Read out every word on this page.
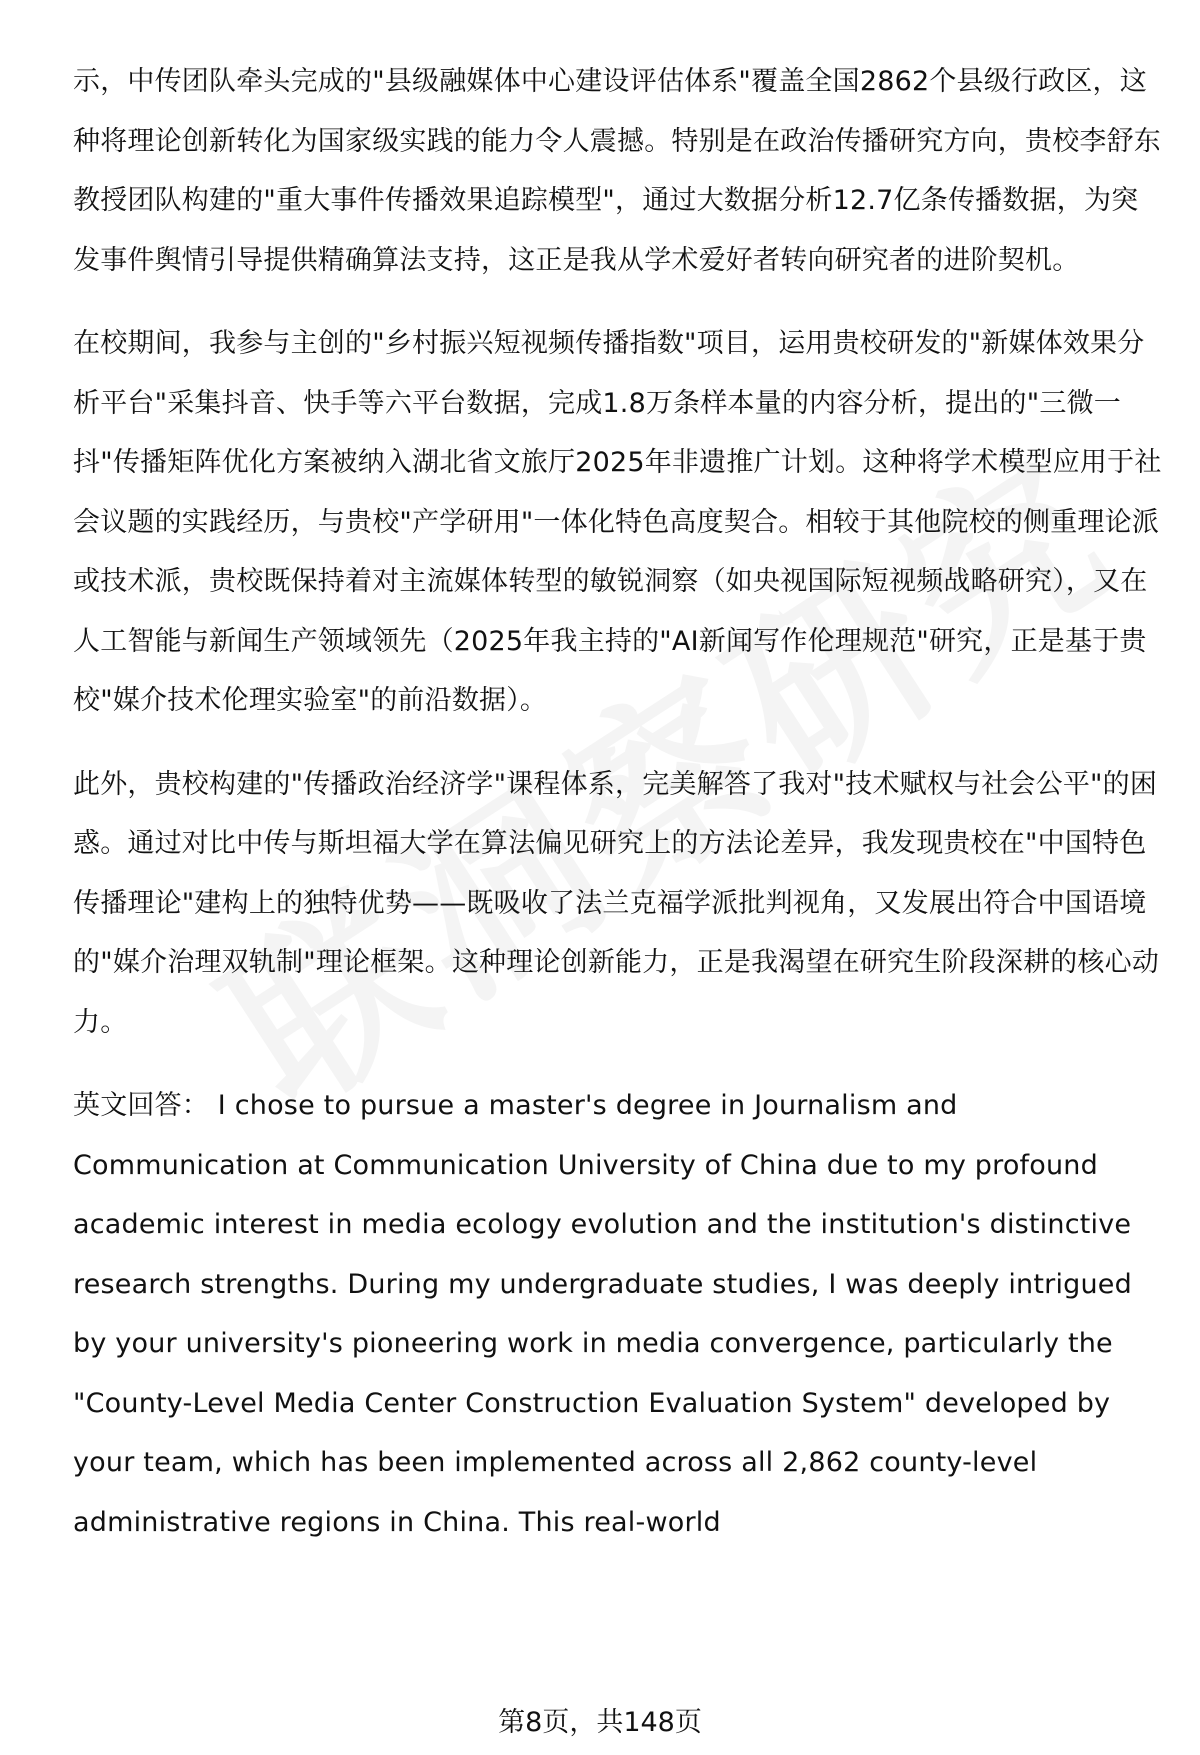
示，中传团队牵头完成的"县级融媒体中心建设评估体系"覆盖全国2862个县级行政区，这种将理论创新转化为国家级实践的能力令人震撼。特别是在政治传播研究方向，贵校李舒东教授团队构建的"重大事件传播效果追踪模型"，通过大数据分析12.7亿条传播数据，为突发事件舆情引导提供精确算法支持，这正是我从学术爱好者转向研究者的进阶契机。

在校期间，我参与主创的"乡村振兴短视频传播指数"项目，运用贵校研发的"新媒体效果分析平台"采集抖音、快手等六平台数据，完成1.8万条样本量的内容分析，提出的"三微一抖"传播矩阵优化方案被纳入湖北省文旅厅2025年非遗推广计划。这种将学术模型应用于社会议题的实践经历，与贵校"产学研用"一体化特色高度契合。相较于其他院校的侧重理论派或技术派，贵校既保持着对主流媒体转型的敏锐洞察（如央视国际短视频战略研究），又在人工智能与新闻生产领域领先（2025年我主持的"AI新闻写作伦理规范"研究，正是基于贵校"媒介技术伦理实验室"的前沿数据）。

此外，贵校构建的"传播政治经济学"课程体系，完美解答了我对"技术赋权与社会公平"的困惑。通过对比中传与斯坦福大学在算法偏见研究上的方法论差异，我发现贵校在"中国特色传播理论"建构上的独特优势——既吸收了法兰克福学派批判视角，又发展出符合中国语境的"媒介治理双轨制"理论框架。这种理论创新能力，正是我渴望在研究生阶段深耕的核心动力。

英文回答： I chose to pursue a master's degree in Journalism and Communication at Communication University of China due to my profound academic interest in media ecology evolution and the institution's distinctive research strengths. During my undergraduate studies, I was deeply intrigued by your university's pioneering work in media convergence, particularly the "County-Level Media Center Construction Evaluation System" developed by your team, which has been implemented across all 2,862 county-level administrative regions in China. This real-world

第8页，共148页
